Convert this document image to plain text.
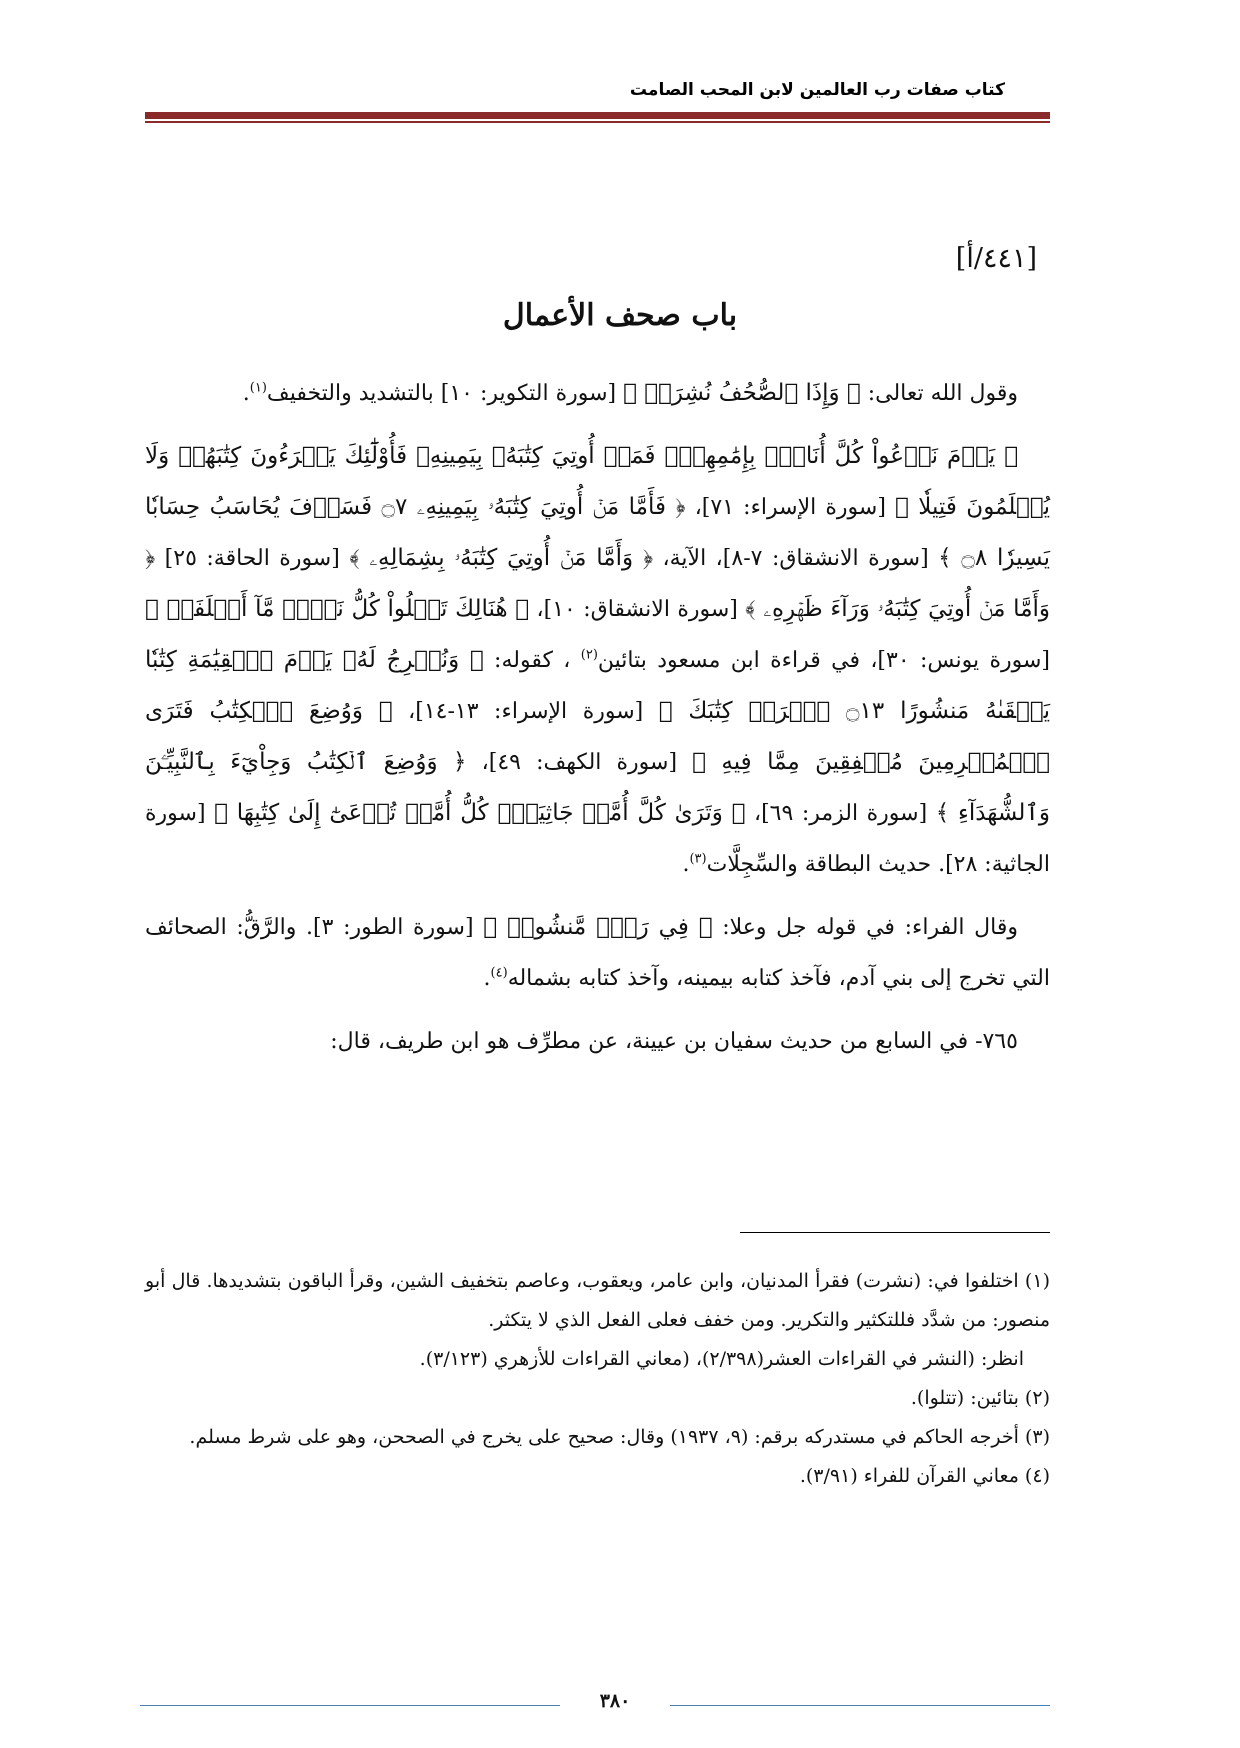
كتاب صفات رب العالمين لابن المحب الصامت
[٤٤١/أ]
باب صحف الأعمال

وقول الله تعالى: ﴿ وَإِذَا ٱلصُّحُفُ نُشِرَتۡ ﴾ [سورة التكوير: ١٠] بالتشديد والتخفيف$^{(١)}$.

﴿ يَوۡمَ نَدۡعُواْ كُلَّ أُنَاسِۭ بِإِمَٰمِهِمۡۖ فَمَنۡ أُوتِيَ كِتَٰبَهُۥ بِيَمِينِهِۦ فَأُوْلَٰٓئِكَ يَقۡرَءُونَ كِتَٰبَهُمۡ وَلَا يُظۡلَمُونَ فَتِيلٗا ﴾ [سورة الإسراء: ٧١]، ﴿ فَأَمَّا مَنۡ أُوتِيَ كِتَٰبَهُۥ بِيَمِينِهِۦ ۝٧ فَسَوۡفَ يُحَاسَبُ حِسَابٗا يَسِيرٗا ۝٨ ﴾ [سورة الانشقاق: ٧-٨]، الآية، ﴿ وَأَمَّا مَنۡ أُوتِيَ كِتَٰبَهُۥ بِشِمَالِهِۦ ﴾ [سورة الحاقة: ٢٥] ﴿ وَأَمَّا مَنۡ أُوتِيَ كِتَٰبَهُۥ وَرَآءَ ظَهۡرِهِۦ ﴾ [سورة الانشقاق: ١٠]، ﴿ هُنَالِكَ تَبۡلُواْ كُلُّ نَفۡسٖ مَّآ أَسۡلَفَتۡ ﴾ [سورة يونس: ٣٠]، في قراءة ابن مسعود بتائين$^{(٢)}$ ، كقوله: ﴿ وَنُخۡرِجُ لَهُۥ يَوۡمَ ٱلۡقِيَٰمَةِ كِتَٰبٗا يَلۡقَىٰهُ مَنشُورًا ۝١٣ ٱقۡرَأۡ كِتَٰبَكَ ﴾ [سورة الإسراء: ١٣-١٤]، ﴿ وَوُضِعَ ٱلۡكِتَٰبُ فَتَرَى ٱلۡمُجۡرِمِينَ مُشۡفِقِينَ مِمَّا فِيهِ ﴾ [سورة الكهف: ٤٩]، ﴿ وَوُضِعَ ٱلۡكِتَٰبُ وَجِاْيٓءَ بِٱلنَّبِيِّـۧنَ وَٱلشُّهَدَآءِ ﴾ [سورة الزمر: ٦٩]، ﴿ وَتَرَىٰ كُلَّ أُمَّةٖ جَاثِيَةٗۚ كُلُّ أُمَّةٖ تُدۡعَىٰٓ إِلَىٰ كِتَٰبِهَا ﴾ [سورة الجاثية: ٢٨]. حديث البطاقة والسِّجِلَّات$^{(٣)}$.

وقال الفراء: في قوله جل وعلا: ﴿ فِي رَقّٖ مَّنشُورٖ ﴾ [سورة الطور: ٣]. والرَّقُّ: الصحائف التي تخرج إلى بني آدم، فآخذ كتابه بيمينه، وآخذ كتابه بشماله$^{(٤)}$.

٧٦٥- في السابع من حديث سفيان بن عيينة، عن مطرِّف هو ابن طريف، قال:

(١) اختلفوا في: (نشرت) فقرأ المدنيان، وابن عامر، ويعقوب، وعاصم بتخفيف الشين، وقرأ الباقون بتشديدها. قال أبو منصور: من شدَّد فللتكثير والتكرير. ومن خفف فعلى الفعل الذي لا يتكثر.
انظر: (النشر في القراءات العشر(٢/٣٩٨)، (معاني القراءات للأزهري (٣/١٢٣).
(٢) بتائين: (تتلوا).
(٣) أخرجه الحاكم في مستدركه برقم: (٩، ١٩٣٧) وقال: صحيح على يخرج في الصححن، وهو على شرط مسلم.
(٤) معاني القرآن للفراء (٣/٩١).
٣٨٠
